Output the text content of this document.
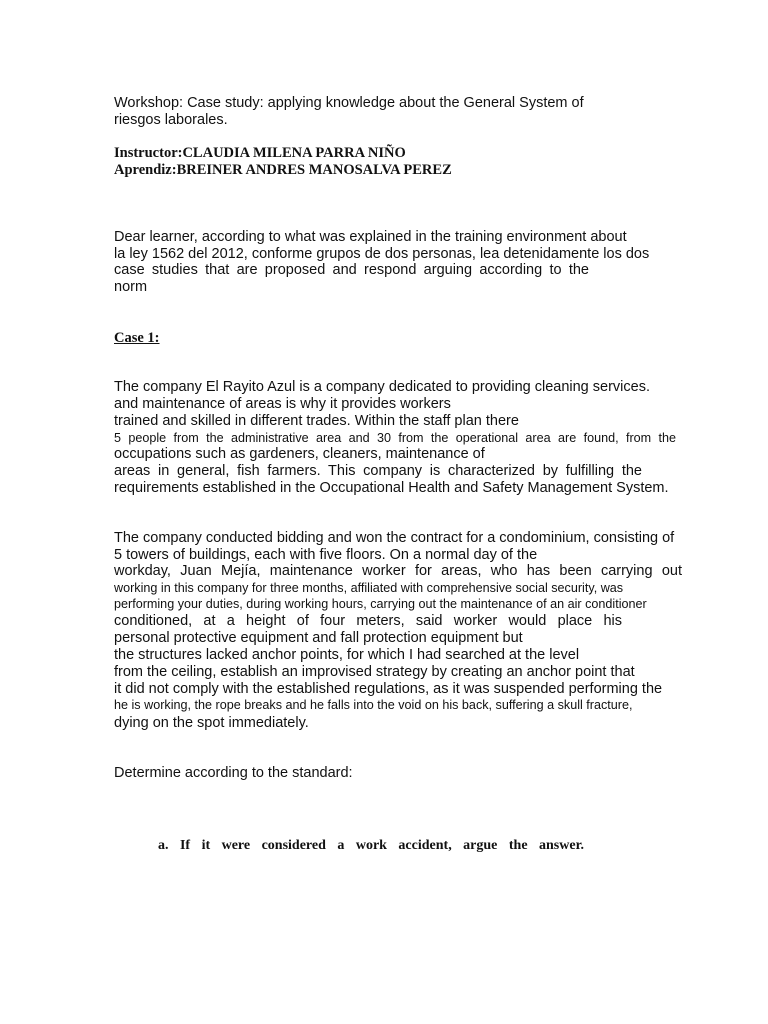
Workshop: Case study: applying knowledge about the General System of

riesgos laborales.

Instructor:CLAUDIA MILENA PARRA NIÑO

Aprendiz:BREINER ANDRES MANOSALVA PEREZ

Dear learner, according to what was explained in the training environment about

la ley 1562 del 2012, conforme grupos de dos personas, lea detenidamente los dos

case studies that are proposed and respond arguing according to the

norm

Case 1:

The company El Rayito Azul is a company dedicated to providing cleaning services.

and maintenance of areas is why it provides workers

trained and skilled in different trades. Within the staff plan there

5 people from the administrative area and 30 from the operational area are found, from the

occupations such as gardeners, cleaners, maintenance of

areas in general, fish farmers. This company is characterized by fulfilling the

requirements established in the Occupational Health and Safety Management System.

The company conducted bidding and won the contract for a condominium, consisting of

5 towers of buildings, each with five floors. On a normal day of the

workday, Juan Mejía, maintenance worker for areas, who has been carrying out

working in this company for three months, affiliated with comprehensive social security, was

performing your duties, during working hours, carrying out the maintenance of an air conditioner

conditioned, at a height of four meters, said worker would place his

personal protective equipment and fall protection equipment but

the structures lacked anchor points, for which I had searched at the level

from the ceiling, establish an improvised strategy by creating an anchor point that

it did not comply with the established regulations, as it was suspended performing the

he is working, the rope breaks and he falls into the void on his back, suffering a skull fracture,

dying on the spot immediately.

Determine according to the standard:

a. If it were considered a work accident, argue the answer.
